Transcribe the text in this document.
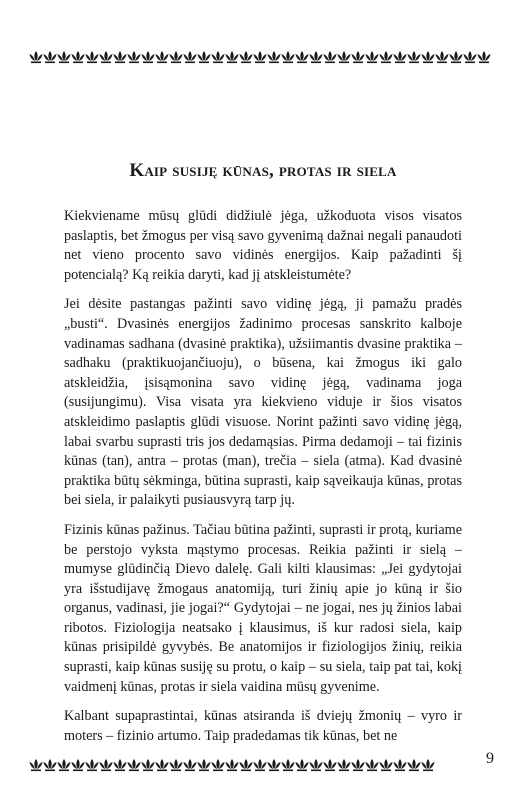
Kaip susiję kūnas, protas ir siela

Kiekviename mūsų glūdi didžiulė jėga, užkoduota visos visatos paslaptis, bet žmogus per visą savo gyvenimą dažnai negali panaudoti net vieno procento savo vidinės energijos. Kaip pažadinti šį potencialą? Ką reikia daryti, kad jį atskleistumėte?

Jei dėsite pastangas pažinti savo vidinę jėgą, ji pamažu pradės „busti“. Dvasinės energijos žadinimo procesas sanskrito kalboje vadinamas sadhana (dvasinė praktika), užsiimantis dvasine praktika – sadhaku (praktikuojančiuoju), o būsena, kai žmogus iki galo atskleidžia, įsisąmonina savo vidinę jėgą, vadinama joga (susijungimu). Visa visata yra kiekvieno viduje ir šios visatos atskleidimo paslaptis glūdi visuose. Norint pažinti savo vidinę jėgą, labai svarbu suprasti tris jos dedamąsias. Pirma dedamoji – tai fizinis kūnas (tan), antra – protas (man), trečia – siela (atma). Kad dvasinė praktika būtų sėkminga, būtina suprasti, kaip sąveikauja kūnas, protas bei siela, ir palaikyti pusiausvyrą tarp jų.

Fizinis kūnas pažinus. Tačiau būtina pažinti, suprasti ir protą, kuriame be perstojo vyksta mąstymo procesas. Reikia pažinti ir sielą – mumyse glūdinčią Dievo dalelę. Gali kilti klausimas: „Jei gydytojai yra išstudijavę žmogaus anatomiją, turi žinių apie jo kūną ir šio organus, vadinasi, jie jogai?“ Gydytojai – ne jogai, nes jų žinios labai ribotos. Fiziologija neatsako į klausimus, iš kur radosi siela, kaip kūnas prisipildė gyvybės. Be anatomijos ir fiziologijos žinių, reikia suprasti, kaip kūnas susiję su protu, o kaip – su siela, taip pat tai, kokį vaidmenį kūnas, protas ir siela vaidina mūsų gyvenime.

Kalbant supaprastintai, kūnas atsiranda iš dviejų žmonių – vyro ir moters – fizinio artumo. Taip pradedamas tik kūnas, bet ne

9
